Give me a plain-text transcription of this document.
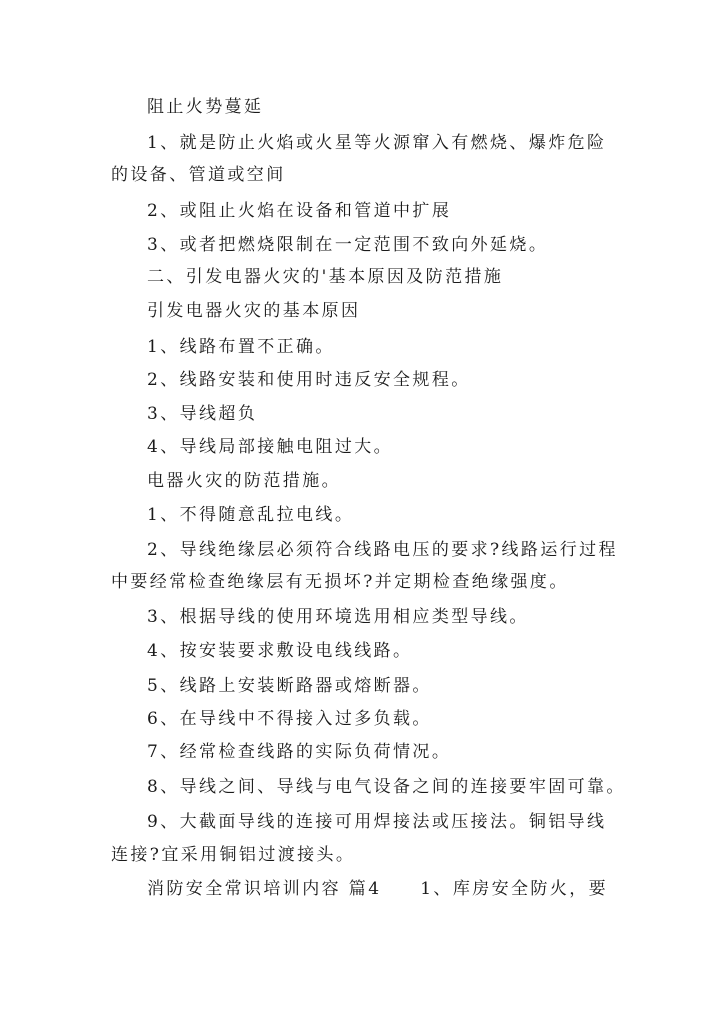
阻止火势蔓延
1、就是防止火焰或火星等火源窜入有燃烧、爆炸危险
的设备、管道或空间
2、或阻止火焰在设备和管道中扩展
3、或者把燃烧限制在一定范围不致向外延烧。
二、引发电器火灾的'基本原因及防范措施
引发电器火灾的基本原因
1、线路布置不正确。
2、线路安装和使用时违反安全规程。
3、导线超负
4、导线局部接触电阻过大。
电器火灾的防范措施。
1、不得随意乱拉电线。
2、导线绝缘层必须符合线路电压的要求?线路运行过程
中要经常检查绝缘层有无损坏?并定期检查绝缘强度。
3、根据导线的使用环境选用相应类型导线。
4、按安装要求敷设电线线路。
5、线路上安装断路器或熔断器。
6、在导线中不得接入过多负载。
7、经常检查线路的实际负荷情况。
8、导线之间、导线与电气设备之间的连接要牢固可靠。
9、大截面导线的连接可用焊接法或压接法。铜铝导线
连接?宜采用铜铝过渡接头。
消防安全常识培训内容 篇4　　1、库房安全防火，要
